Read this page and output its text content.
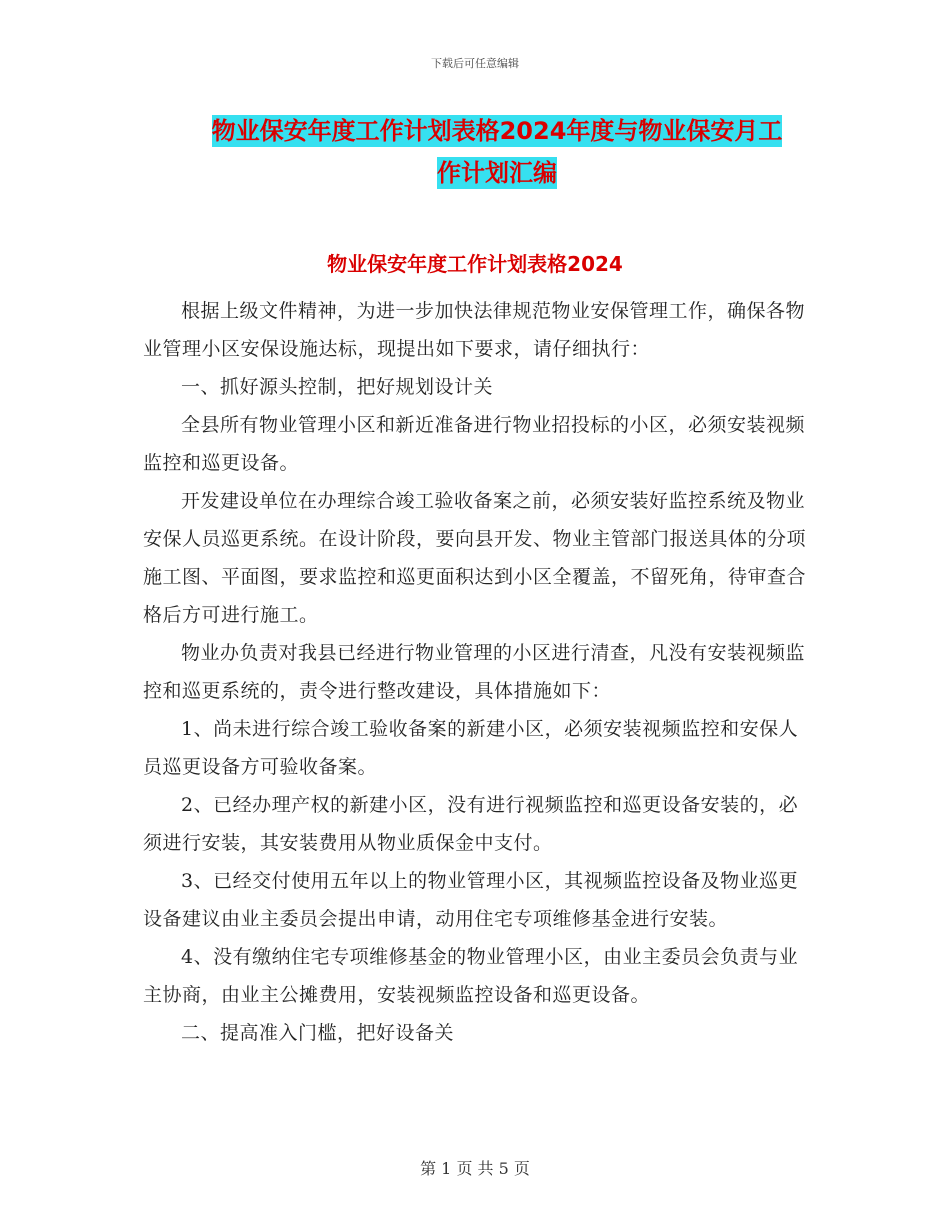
下载后可任意编辑
物业保安年度工作计划表格2024年度与物业保安月工
作计划汇编
物业保安年度工作计划表格2024

根据上级文件精神，为进一步加快法律规范物业安保管理工作，确保各物业管理小区安保设施达标，现提出如下要求，请仔细执行：

一、抓好源头控制，把好规划设计关

全县所有物业管理小区和新近准备进行物业招投标的小区，必须安装视频监控和巡更设备。

开发建设单位在办理综合竣工验收备案之前，必须安装好监控系统及物业安保人员巡更系统。在设计阶段，要向县开发、物业主管部门报送具体的分项施工图、平面图，要求监控和巡更面积达到小区全覆盖，不留死角，待审查合格后方可进行施工。

物业办负责对我县已经进行物业管理的小区进行清查，凡没有安装视频监控和巡更系统的，责令进行整改建设，具体措施如下：

1、尚未进行综合竣工验收备案的新建小区，必须安装视频监控和安保人员巡更设备方可验收备案。

2、已经办理产权的新建小区，没有进行视频监控和巡更设备安装的，必须进行安装，其安装费用从物业质保金中支付。

3、已经交付使用五年以上的物业管理小区，其视频监控设备及物业巡更设备建议由业主委员会提出申请，动用住宅专项维修基金进行安装。

4、没有缴纳住宅专项维修基金的物业管理小区，由业主委员会负责与业主协商，由业主公摊费用，安装视频监控设备和巡更设备。

二、提高准入门槛，把好设备关

第 1 页 共 5 页
